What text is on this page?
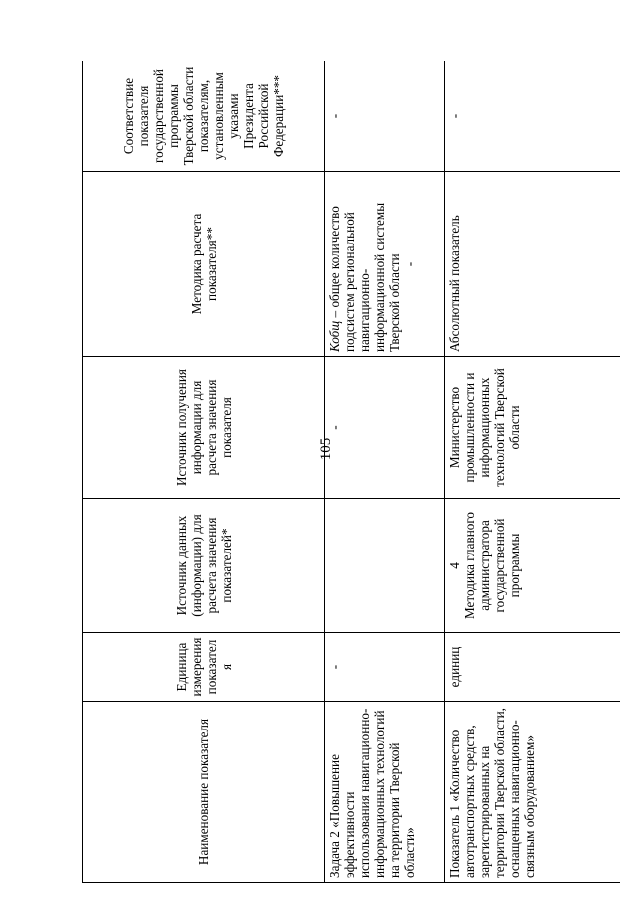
105
Наименование показателя	Единица измерения показателя	Источник данных (информации) для расчета значения показателей*	Источник получения информации для расчета значения показателя	Методика расчета показателя**	Соответствие показателя государственной программы Тверской области показателям, установленным указами Президента Российской Федерации***
Задача 2 «Повышение эффективности использования навигационно-информационных технологий на территории Тверской области»	-		-	Кобщ – общее количество подсистем региональной навигационно-информационной системы Тверской области -	-
Показатель 1 «Количество автотранспортных средств, зарегистрированных на территории Тверской области, оснащенных навигационно-связным оборудованием»	единиц	4 Методика главного администратора государственной программы	Министерство промышленности и информационных технологий Тверской области	Абсолютный показатель	-
